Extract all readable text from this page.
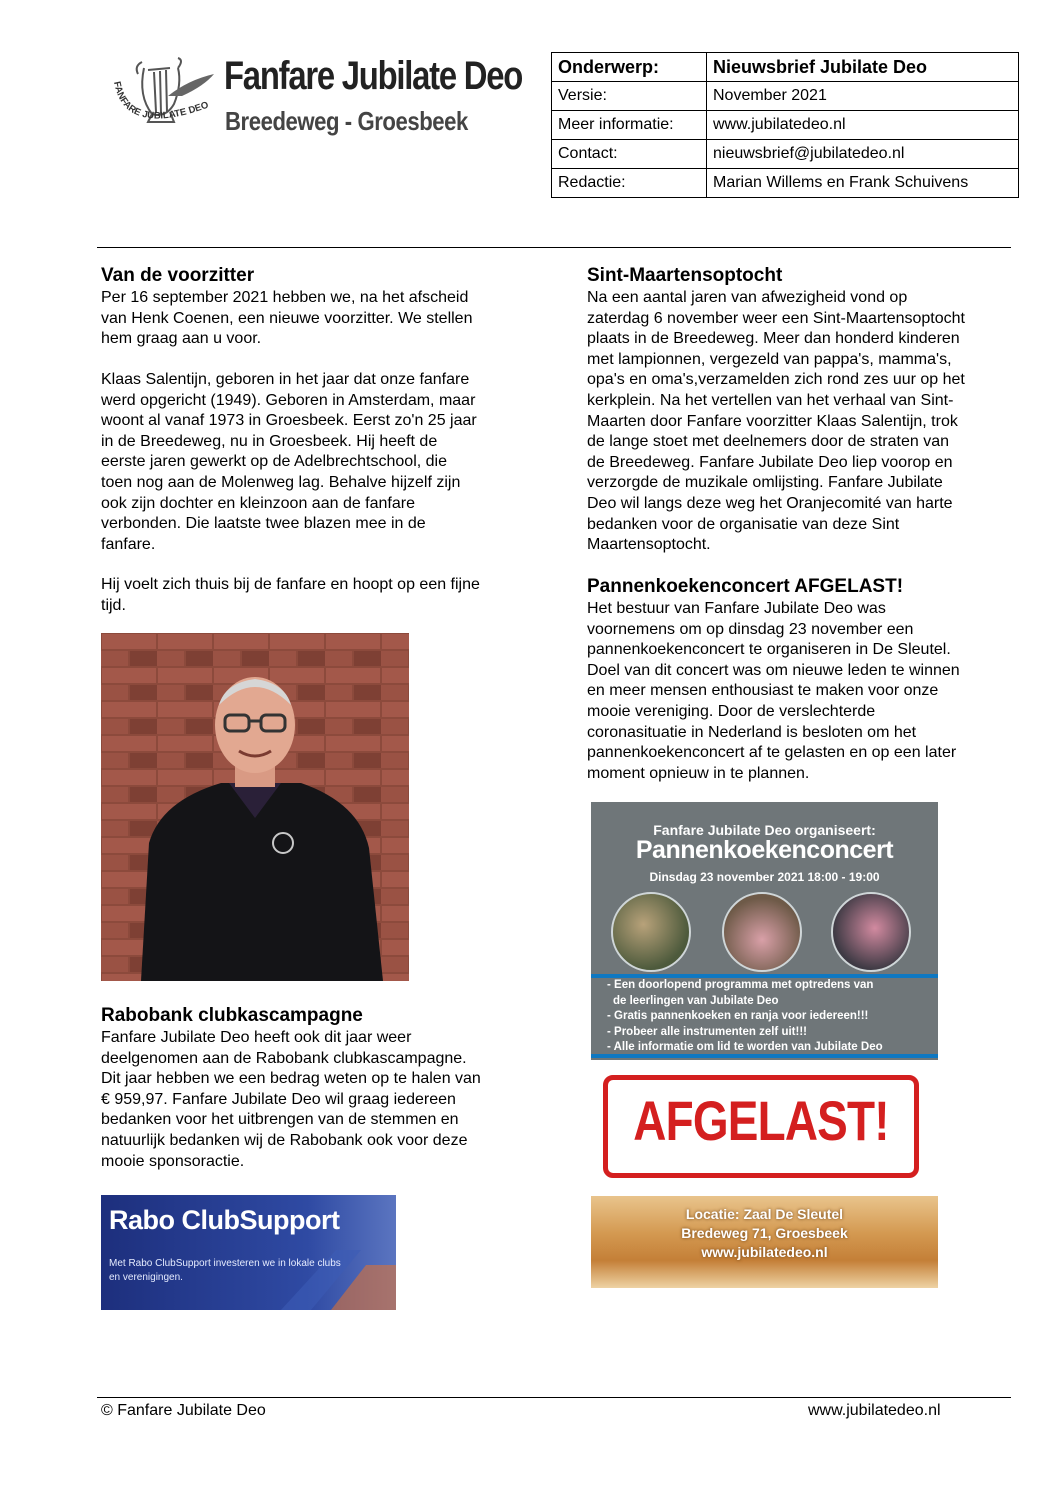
FANFARE JUBILATE DEO
Fanfare Jubilate Deo
Breedeweg - Groesbeek
Onderwerp:	Nieuwsbrief Jubilate Deo
Versie:	November 2021
Meer informatie:	www.jubilatedeo.nl
Contact:	nieuwsbrief@jubilatedeo.nl
Redactie:	Marian Willems en Frank Schuivens
Van de voorzitter
Per 16 september 2021 hebben we, na het afscheid
van Henk Coenen, een nieuwe voorzitter. We stellen
hem graag aan u voor.
Klaas Salentijn, geboren in het jaar dat onze fanfare
werd opgericht (1949). Geboren in Amsterdam, maar
woont al vanaf 1973 in Groesbeek. Eerst zo'n 25 jaar
in de Breedeweg, nu in Groesbeek. Hij heeft de
eerste jaren gewerkt op de Adelbrechtschool, die
toen nog aan de Molenweg lag. Behalve hijzelf zijn
ook zijn dochter en kleinzoon aan de fanfare
verbonden. Die laatste twee blazen mee in de
fanfare.
Hij voelt zich thuis bij de fanfare en hoopt op een fijne
tijd.
Rabobank clubkascampagne
Fanfare Jubilate Deo heeft ook dit jaar weer
deelgenomen aan de Rabobank clubkascampagne.
Dit jaar hebben we een bedrag weten op te halen van
€ 959,97. Fanfare Jubilate Deo wil graag iedereen
bedanken voor het uitbrengen van de stemmen en
natuurlijk bedanken wij de Rabobank ook voor deze
mooie sponsoractie.
Rabo ClubSupport
Met Rabo ClubSupport investeren we in lokale clubs
en verenigingen.
Sint-Maartensoptocht
Na een aantal jaren van afwezigheid vond op
zaterdag 6 november weer een Sint-Maartensoptocht
plaats in de Breedeweg. Meer dan honderd kinderen
met lampionnen, vergezeld van pappa's, mamma's,
opa's en oma's,verzamelden zich rond zes uur op het
kerkplein. Na het vertellen van het verhaal van Sint-
Maarten door Fanfare voorzitter Klaas Salentijn, trok
de lange stoet met deelnemers door de straten van
de Breedeweg. Fanfare Jubilate Deo liep voorop en
verzorgde de muzikale omlijsting. Fanfare Jubilate
Deo wil langs deze weg het Oranjecomité van harte
bedanken voor de organisatie van deze Sint
Maartensoptocht.
Pannenkoekenconcert AFGELAST!
Het bestuur van Fanfare Jubilate Deo was
voornemens om op dinsdag 23 november een
pannenkoekenconcert te organiseren in De Sleutel.
Doel van dit concert was om nieuwe leden te winnen
en meer mensen enthousiast te maken voor onze
mooie vereniging. Door de verslechterde
coronasituatie in Nederland is besloten om het
pannenkoekenconcert af te gelasten en op een later
moment opnieuw in te plannen.
Fanfare Jubilate Deo organiseert:
Pannenkoekenconcert
Dinsdag 23 november 2021 18:00 - 19:00
- Een doorlopend programma met optredens van
de leerlingen van Jubilate Deo
- Gratis pannenkoeken en ranja voor iedereen!!!
- Probeer alle instrumenten zelf uit!!!
- Alle informatie om lid te worden van Jubilate Deo
AFGELAST!
Locatie: Zaal De Sleutel
Bredeweg 71, Groesbeek
www.jubilatedeo.nl
© Fanfare Jubilate Deo	www.jubilatedeo.nl
